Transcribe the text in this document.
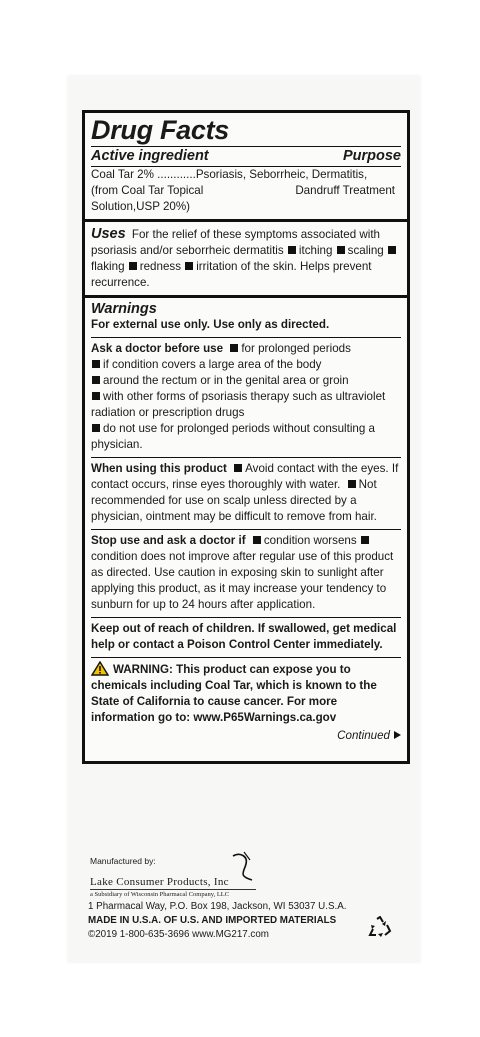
Drug Facts
Active ingredient	Purpose
Coal Tar 2% ............Psoriasis, Seborrheic, Dermatitis,
(from Coal Tar Topical	Dandruff Treatment
Solution,USP 20%)
Uses For the relief of these symptoms associated with psoriasis and/or seborrheic dermatitis itching scaling flaking redness irritation of the skin. Helps prevent recurrence.
Warnings
For external use only. Use only as directed.
Ask a doctor before use for prolonged periods
if condition covers a large area of the body
around the rectum or in the genital area or groin
with other forms of psoriasis therapy such as ultraviolet radiation or prescription drugs
do not use for prolonged periods without consulting a physician.
When using this product Avoid contact with the eyes. If contact occurs, rinse eyes thoroughly with water. Not recommended for use on scalp unless directed by a physician, ointment may be difficult to remove from hair.
Stop use and ask a doctor if condition worsens condition does not improve after regular use of this product as directed. Use caution in exposing skin to sunlight after applying this product, as it may increase your tendency to sunburn for up to 24 hours after application.
Keep out of reach of children. If swallowed, get medical help or contact a Poison Control Center immediately.
WARNING: This product can expose you to chemicals including Coal Tar, which is known to the State of California to cause cancer. For more information go to: www.P65Warnings.ca.gov
Continued
Manufactured by:
Lake Consumer Products, Inc
a Subsidiary of Wisconsin Pharmacal Company, LLC
1 Pharmacal Way, P.O. Box 198, Jackson, WI 53037 U.S.A.
MADE IN U.S.A. OF U.S. AND IMPORTED MATERIALS
©2019 1-800-635-3696 www.MG217.com
